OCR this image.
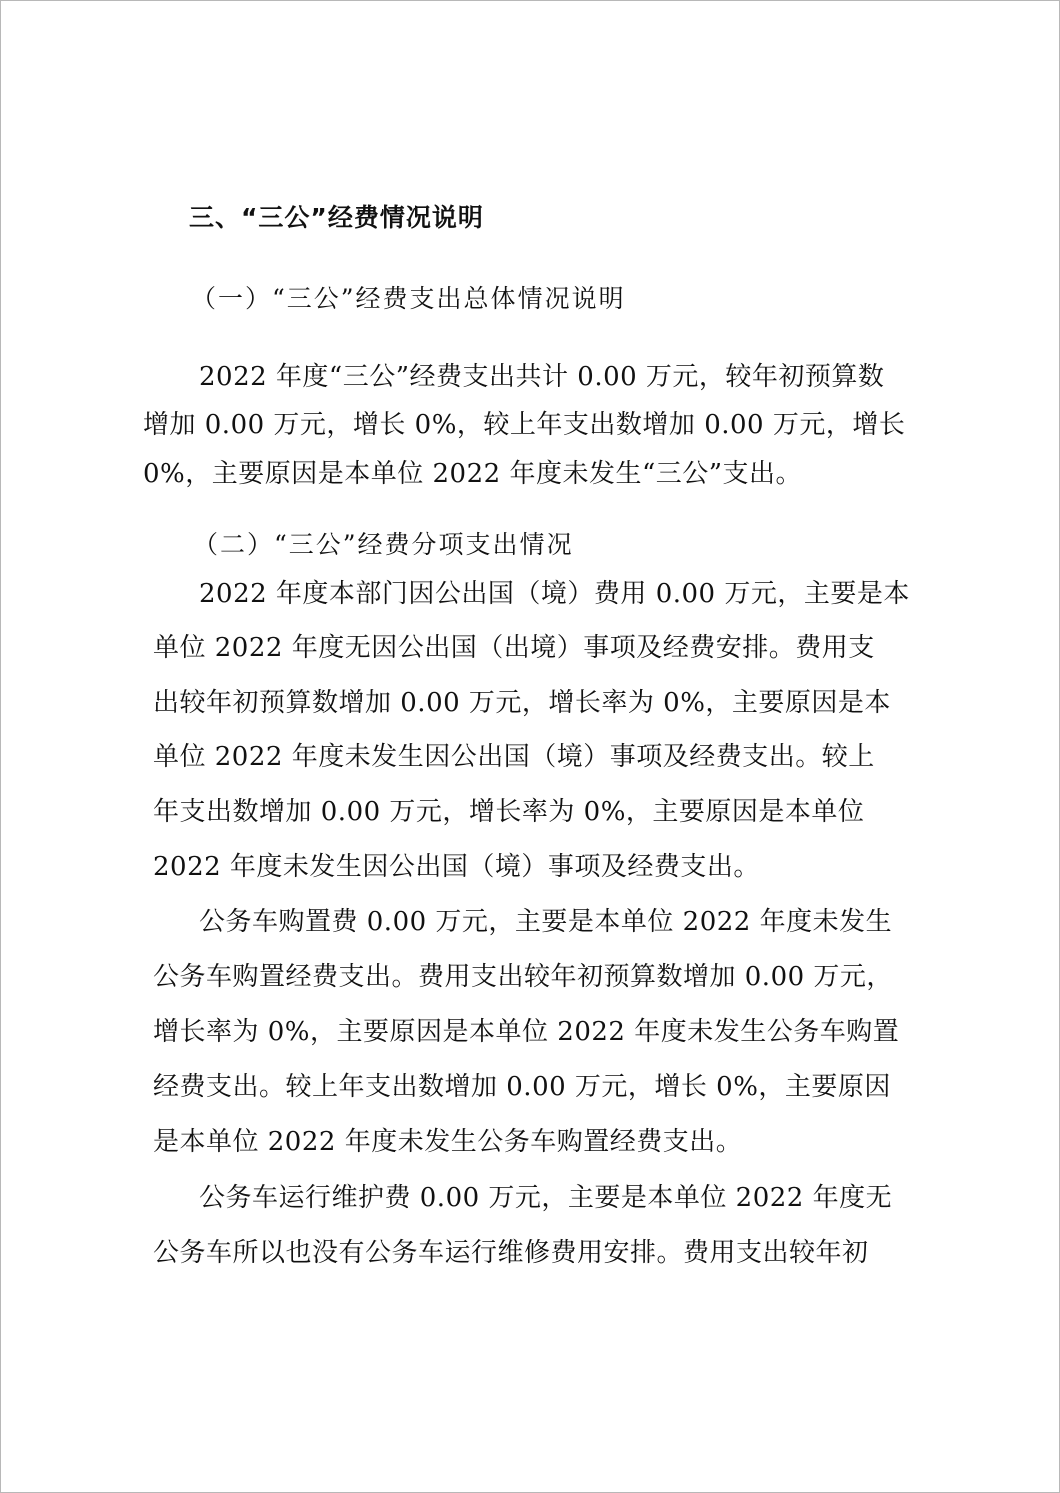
三、“三公”经费情况说明
（一）“三公”经费支出总体情况说明
2022 年度“三公”经费支出共计 0.00 万元，较年初预算数
增加 0.00 万元，增长 0%，较上年支出数增加 0.00 万元，增长
0%，主要原因是本单位 2022 年度未发生“三公”支出。
（二）“三公”经费分项支出情况
2022 年度本部门因公出国（境）费用 0.00 万元，主要是本
单位 2022 年度无因公出国（出境）事项及经费安排。费用支
出较年初预算数增加 0.00 万元，增长率为 0%，主要原因是本
单位 2022 年度未发生因公出国（境）事项及经费支出。较上
年支出数增加 0.00 万元，增长率为 0%，主要原因是本单位
2022 年度未发生因公出国（境）事项及经费支出。
公务车购置费 0.00 万元，主要是本单位 2022 年度未发生
公务车购置经费支出。费用支出较年初预算数增加 0.00 万元，
增长率为 0%，主要原因是本单位 2022 年度未发生公务车购置
经费支出。较上年支出数增加 0.00 万元，增长 0%，主要原因
是本单位 2022 年度未发生公务车购置经费支出。
公务车运行维护费 0.00 万元，主要是本单位 2022 年度无
公务车所以也没有公务车运行维修费用安排。费用支出较年初
